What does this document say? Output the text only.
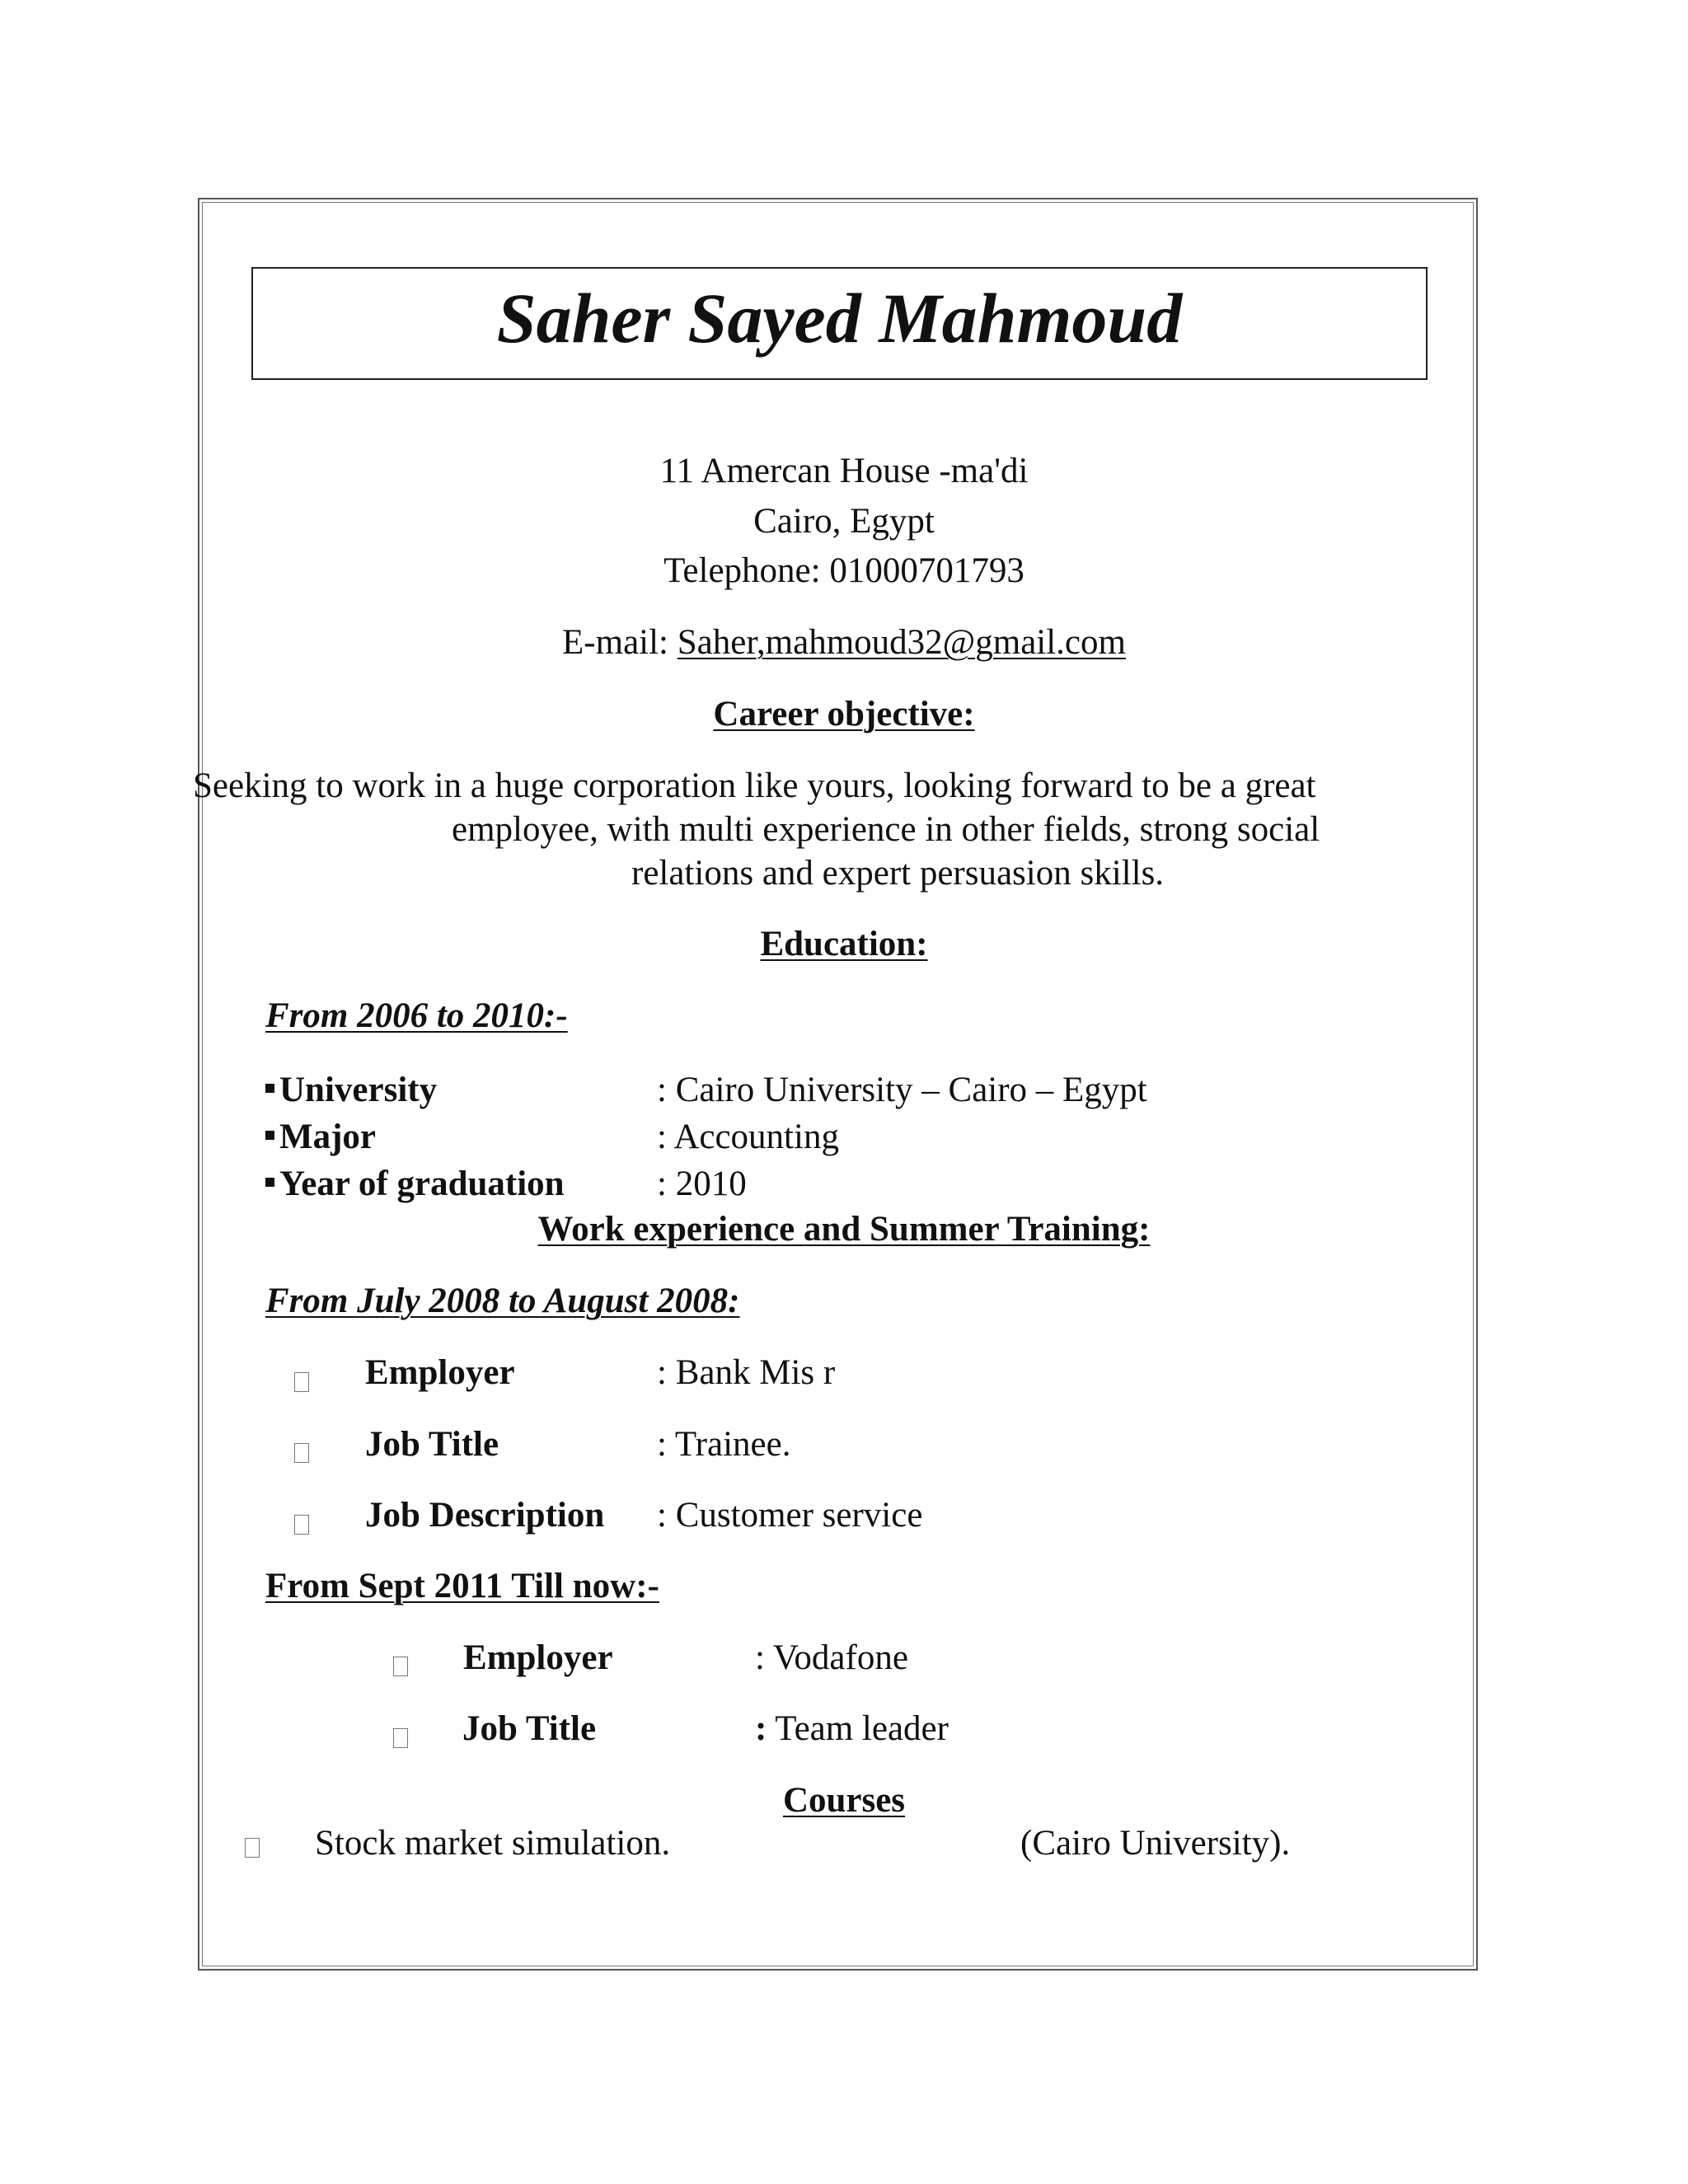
Saher Sayed Mahmoud
11 Amercan House -ma'di
Cairo, Egypt
Telephone: 01000701793
E-mail: Saher,mahmoud32@gmail.com
Career objective:
Seeking to work in a huge corporation like yours, looking forward to be a great
employee, with multi experience in other fields, strong social
relations and expert persuasion skills.
Education:
From 2006 to 2010:-
University	: Cairo University – Cairo – Egypt
Major	: Accounting
Year of graduation	: 2010
Work experience and Summer Training:
From July 2008 to August 2008:
Employer	: Bank Mis r
Job Title	: Trainee.
Job Description : Customer service
From Sept 2011 Till now:-
Employer	: Vodafone
Job Title	: Team leader
Courses
Stock market simulation.	(Cairo University).
